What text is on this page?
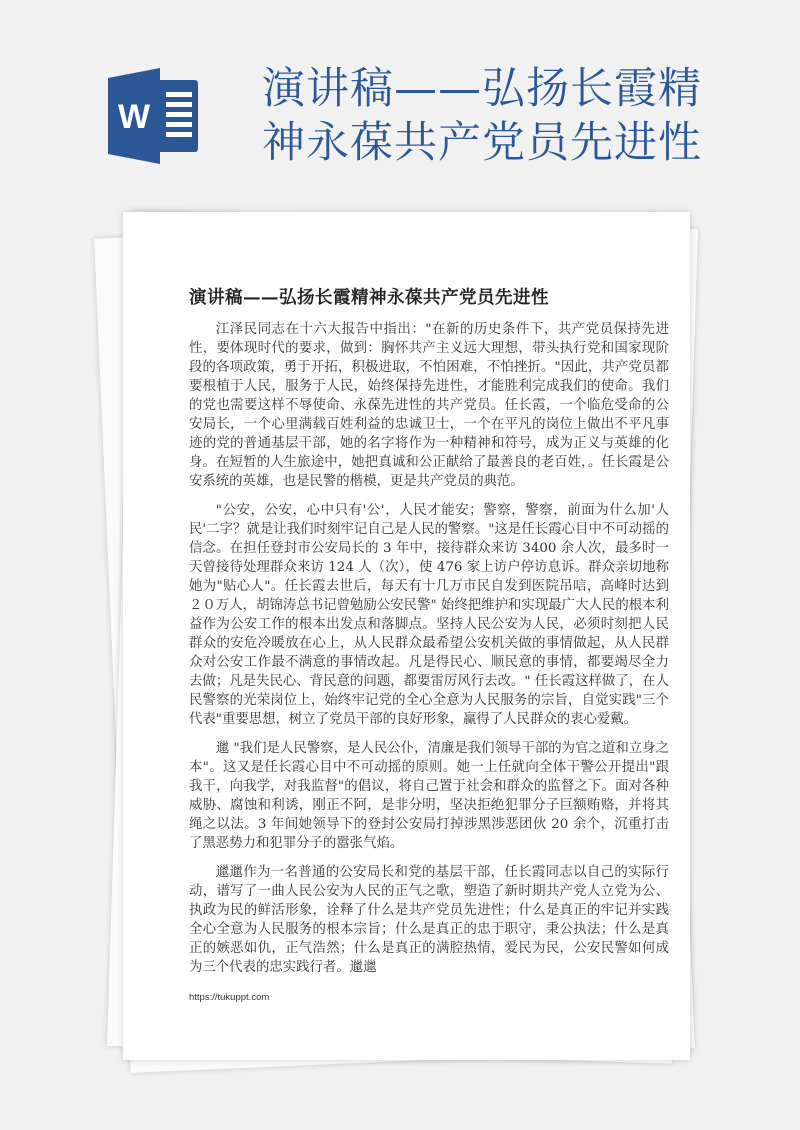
W
演讲稿——弘扬长霞精神永葆共产党员先进性
演讲稿——弘扬长霞精神永葆共产党员先进性

江泽民同志在十六大报告中指出："在新的历史条件下，共产党员保持先进性，要体现时代的要求，做到：胸怀共产主义远大理想，带头执行党和国家现阶段的各项政策，勇于开拓，积极进取，不怕困难，不怕挫折。"因此，共产党员都要根植于人民，服务于人民，始终保持先进性，才能胜利完成我们的使命。我们的党也需要这样不辱使命、永葆先进性的共产党员。任长霞，一个临危受命的公安局长，一个心里满载百姓利益的忠诚卫士，一个在平凡的岗位上做出不平凡事迹的党的普通基层干部，她的名字将作为一种精神和符号，成为正义与英雄的化身。在短暂的人生旅途中，她把真诚和公正献给了最善良的老百姓，。任长霞是公安系统的英雄，也是民警的楷模，更是共产党员的典范。

"公安，公安，心中只有'公'，人民才能安；警察，警察，前面为什么加'人民'二字？就是让我们时刻牢记自己是人民的警察。"这是任长霞心目中不可动摇的信念。在担任登封市公安局长的 3 年中，接待群众来访 3400 余人次，最多时一天曾接待处理群众来访 124 人（次），使 476 家上访户停访息诉。群众亲切地称她为"贴心人"。任长霞去世后，每天有十几万市民自发到医院吊唁，高峰时达到２０万人，胡锦涛总书记曾勉励公安民警" 始终把维护和实现最广大人民的根本利益作为公安工作的根本出发点和落脚点。坚持人民公安为人民，必须时刻把人民群众的安危冷暖放在心上，从人民群众最希望公安机关做的事情做起，从人民群众对公安工作最不满意的事情改起。凡是得民心、顺民意的事情，都要竭尽全力去做；凡是失民心、背民意的问题，都要雷厉风行去改。" 任长霞这样做了，在人民警察的光荣岗位上，始终牢记党的全心全意为人民服务的宗旨，自觉实践"三个代表"重要思想，树立了党员干部的良好形象，赢得了人民群众的衷心爱戴。

邋 "我们是人民警察，是人民公仆，清廉是我们领导干部的为官之道和立身之本"。这又是任长霞心目中不可动摇的原则。她一上任就向全体干警公开提出"跟我干，向我学，对我监督"的倡议，将自己置于社会和群众的监督之下。面对各种威胁、腐蚀和利诱，刚正不阿，是非分明，坚决拒绝犯罪分子巨额贿赂，并将其绳之以法。3 年间她领导下的登封公安局打掉涉黑涉恶团伙 20 余个，沉重打击了黑恶势力和犯罪分子的嚣张气焰。

邋邋作为一名普通的公安局长和党的基层干部，任长霞同志以自己的实际行动，谱写了一曲人民公安为人民的正气之歌，塑造了新时期共产党人立党为公、执政为民的鲜活形象，诠释了什么是共产党员先进性；什么是真正的牢记并实践全心全意为人民服务的根本宗旨；什么是真正的忠于职守，秉公执法；什么是真正的嫉恶如仇，正气浩然；什么是真正的满腔热情，爱民为民，公安民警如何成为三个代表的忠实践行者。邋邋

https://tukuppt.com
